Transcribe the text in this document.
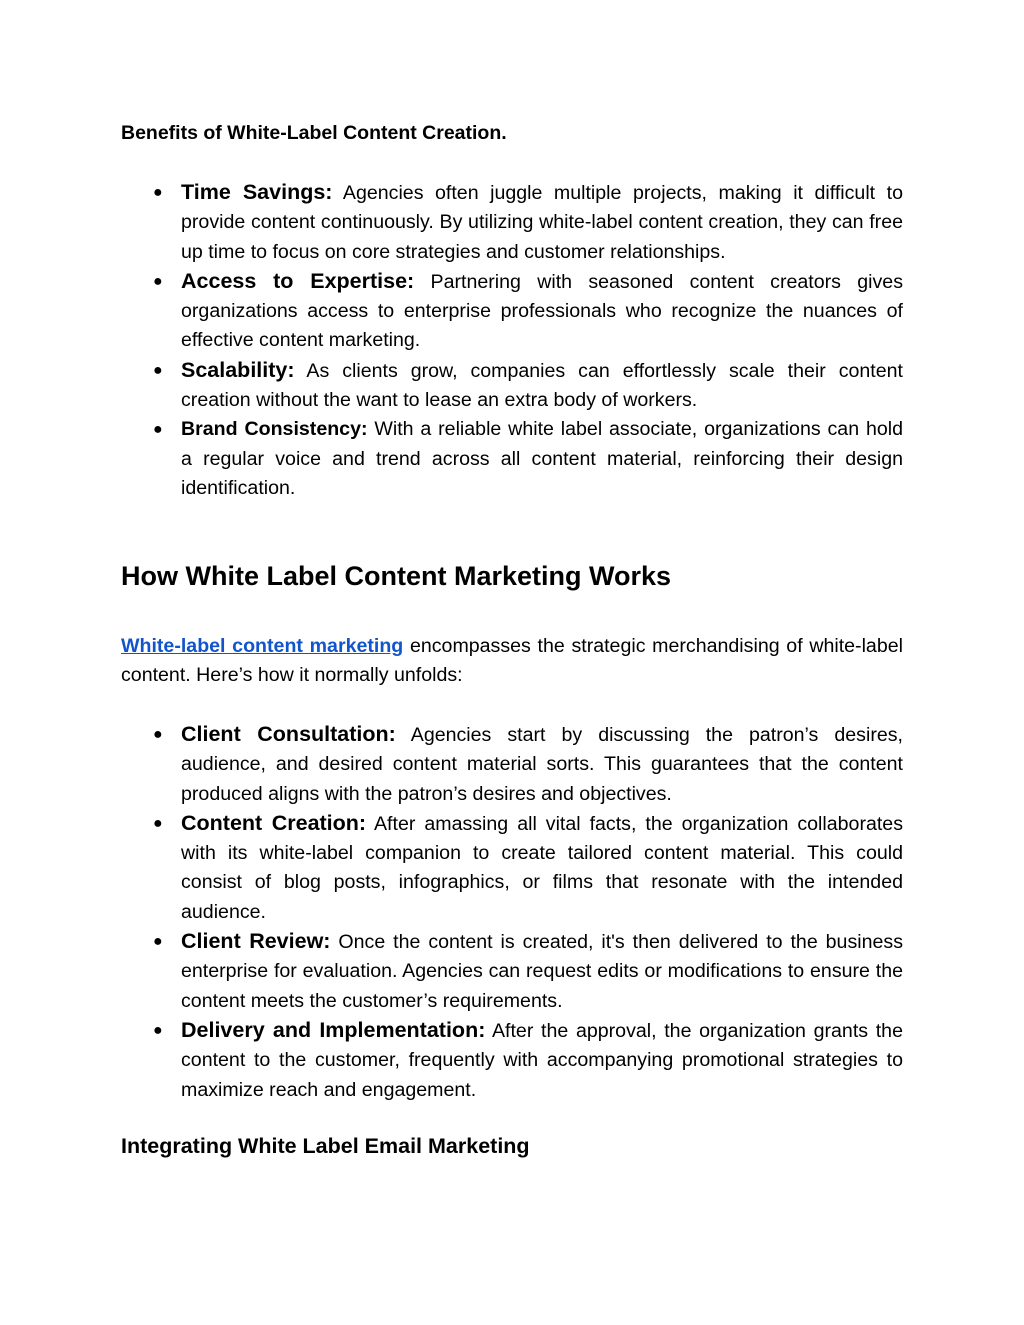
Benefits of White-Label Content Creation.
● Time Savings: Agencies often juggle multiple projects, making it difficult to provide content continuously. By utilizing white-label content creation, they can free up time to focus on core strategies and customer relationships.
● Access to Expertise: Partnering with seasoned content creators gives organizations access to enterprise professionals who recognize the nuances of effective content marketing.
● Scalability: As clients grow, companies can effortlessly scale their content creation without the want to lease an extra body of workers.
● Brand Consistency: With a reliable white label associate, organizations can hold a regular voice and trend across all content material, reinforcing their design identification.
How White Label Content Marketing Works
White-label content marketing encompasses the strategic merchandising of white-label content. Here’s how it normally unfolds:
● Client Consultation: Agencies start by discussing the patron’s desires, audience, and desired content material sorts. This guarantees that the content produced aligns with the patron’s desires and objectives.
● Content Creation: After amassing all vital facts, the organization collaborates with its white-label companion to create tailored content material. This could consist of blog posts, infographics, or films that resonate with the intended audience.
● Client Review: Once the content is created, it's then delivered to the business enterprise for evaluation. Agencies can request edits or modifications to ensure the content meets the customer’s requirements.
● Delivery and Implementation: After the approval, the organization grants the content to the customer, frequently with accompanying promotional strategies to maximize reach and engagement.
Integrating White Label Email Marketing
